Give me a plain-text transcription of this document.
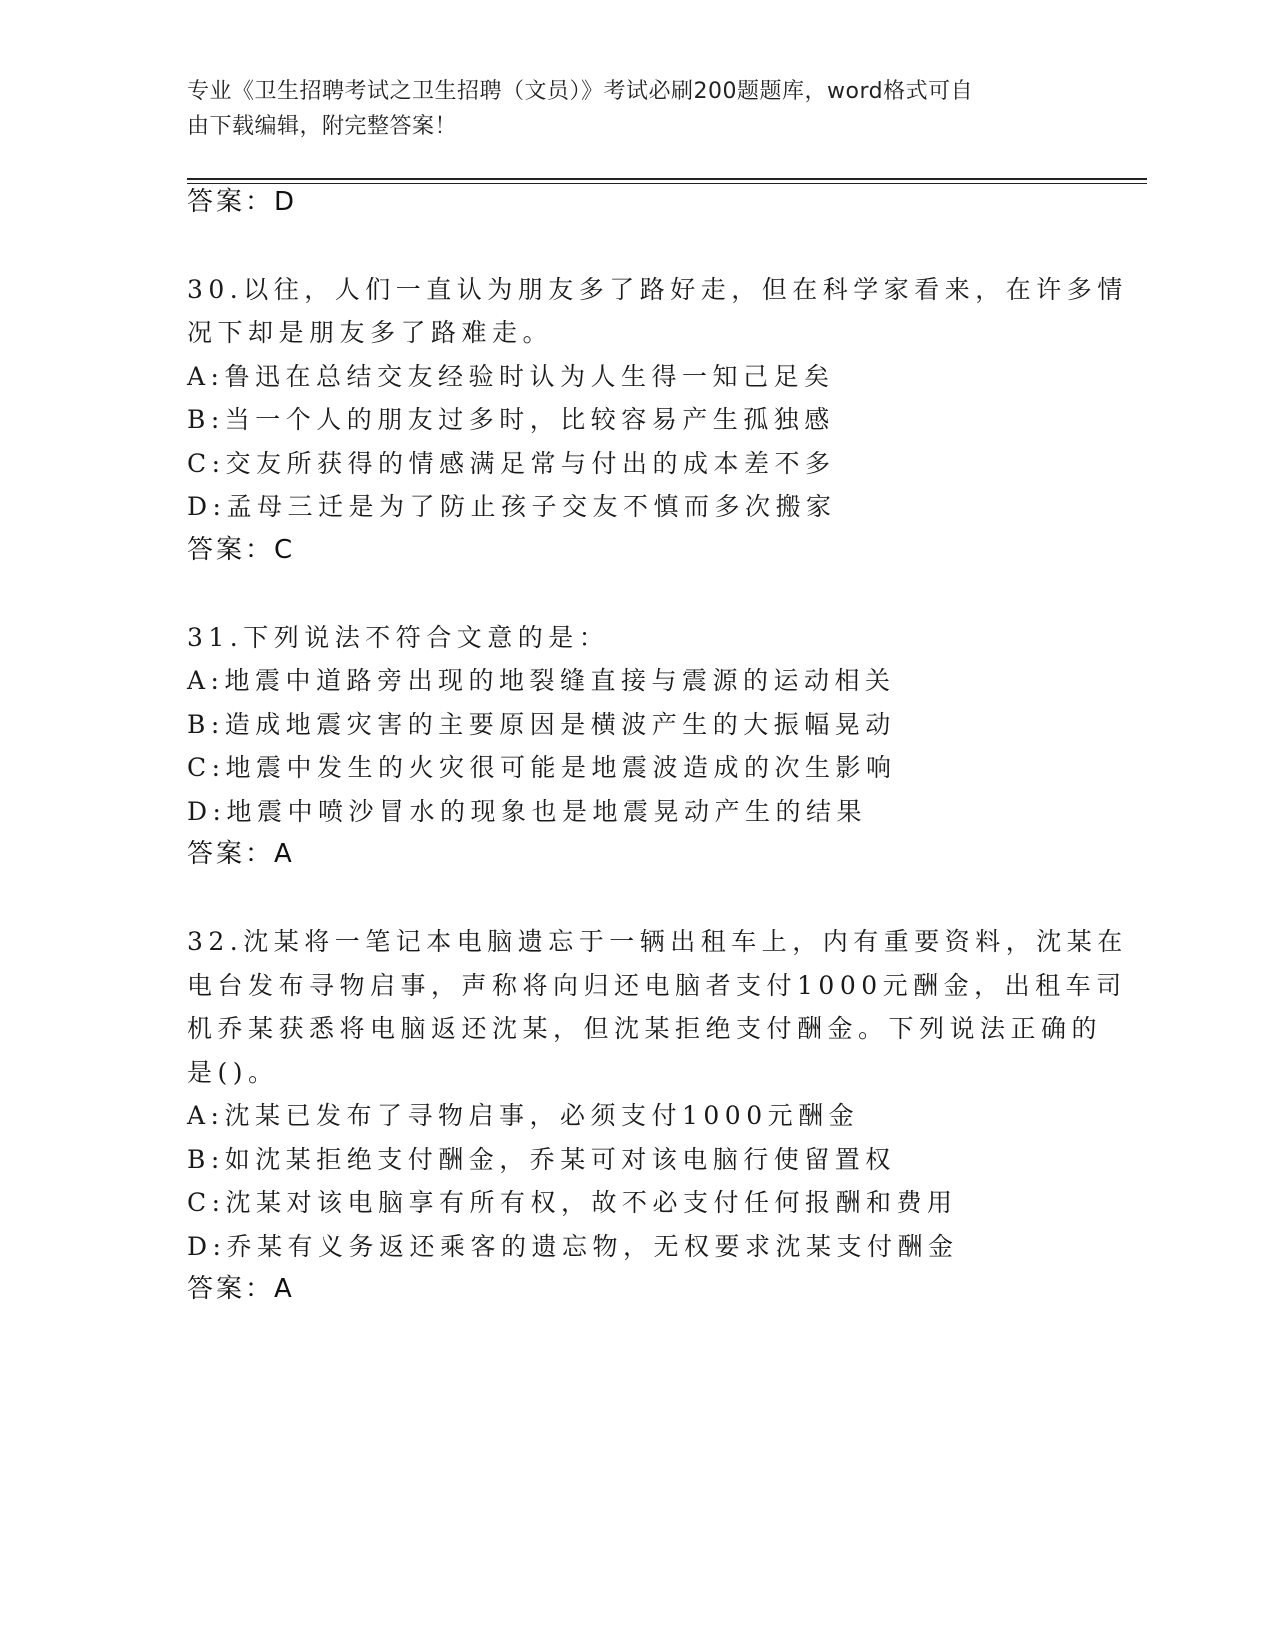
专业《卫生招聘考试之卫生招聘（文员）》考试必刷200题题库，word格式可自
由下载编辑，附完整答案！
答案：D
30.以往，人们一直认为朋友多了路好走，但在科学家看来，在许多情
况下却是朋友多了路难走。
A:鲁迅在总结交友经验时认为人生得一知己足矣
B:当一个人的朋友过多时，比较容易产生孤独感
C:交友所获得的情感满足常与付出的成本差不多
D:孟母三迁是为了防止孩子交友不慎而多次搬家
答案：C
31.下列说法不符合文意的是：
A:地震中道路旁出现的地裂缝直接与震源的运动相关
B:造成地震灾害的主要原因是横波产生的大振幅晃动
C:地震中发生的火灾很可能是地震波造成的次生影响
D:地震中喷沙冒水的现象也是地震晃动产生的结果
答案：A
32.沈某将一笔记本电脑遗忘于一辆出租车上，内有重要资料，沈某在
电台发布寻物启事，声称将向归还电脑者支付1000元酬金，出租车司
机乔某获悉将电脑返还沈某，但沈某拒绝支付酬金。下列说法正确的
是()。
A:沈某已发布了寻物启事，必须支付1000元酬金
B:如沈某拒绝支付酬金，乔某可对该电脑行使留置权
C:沈某对该电脑享有所有权，故不必支付任何报酬和费用
D:乔某有义务返还乘客的遗忘物，无权要求沈某支付酬金
答案：A
